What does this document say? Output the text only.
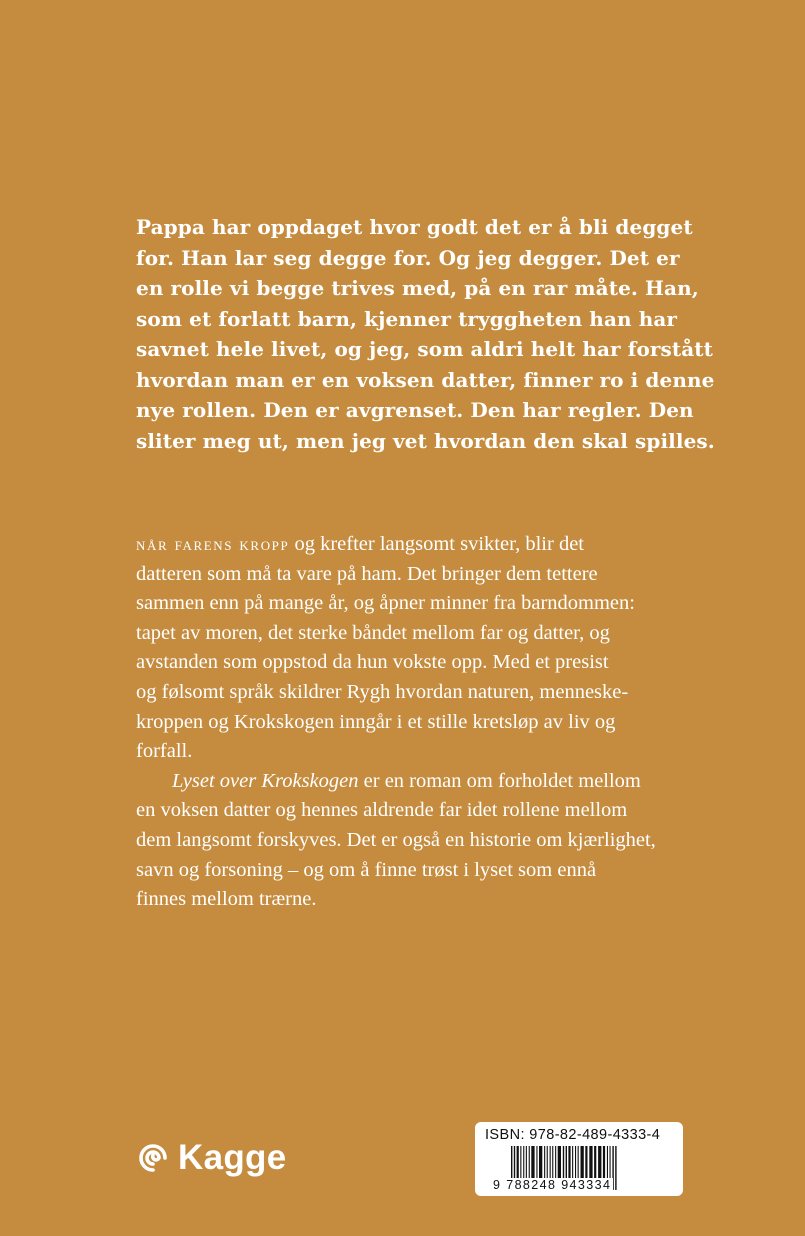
Pappa har oppdaget hvor godt det er å bli degget
for. Han lar seg degge for. Og jeg degger. Det er
en rolle vi begge trives med, på en rar måte. Han,
som et forlatt barn, kjenner tryggheten han har
savnet hele livet, og jeg, som aldri helt har forstått
hvordan man er en voksen datter, finner ro i denne
nye rollen. Den er avgrenset. Den har regler. Den
sliter meg ut, men jeg vet hvordan den skal spilles.
når farens kropp og krefter langsomt svikter, blir det
datteren som må ta vare på ham. Det bringer dem tettere
sammen enn på mange år, og åpner minner fra barndommen:
tapet av moren, det sterke båndet mellom far og datter, og
avstanden som oppstod da hun vokste opp. Med et presist
og følsomt språk skildrer Rygh hvordan naturen, menneske-
kroppen og Krokskogen inngår i et stille kretsløp av liv og
forfall.
Lyset over Krokskogen er en roman om forholdet mellom
en voksen datter og hennes aldrende far idet rollene mellom
dem langsomt forskyves. Det er også en historie om kjærlighet,
savn og forsoning – og om å finne trøst i lyset som ennå
finnes mellom trærne.
Kagge
ISBN: 978-82-489-4333-4
9 788248 943334
